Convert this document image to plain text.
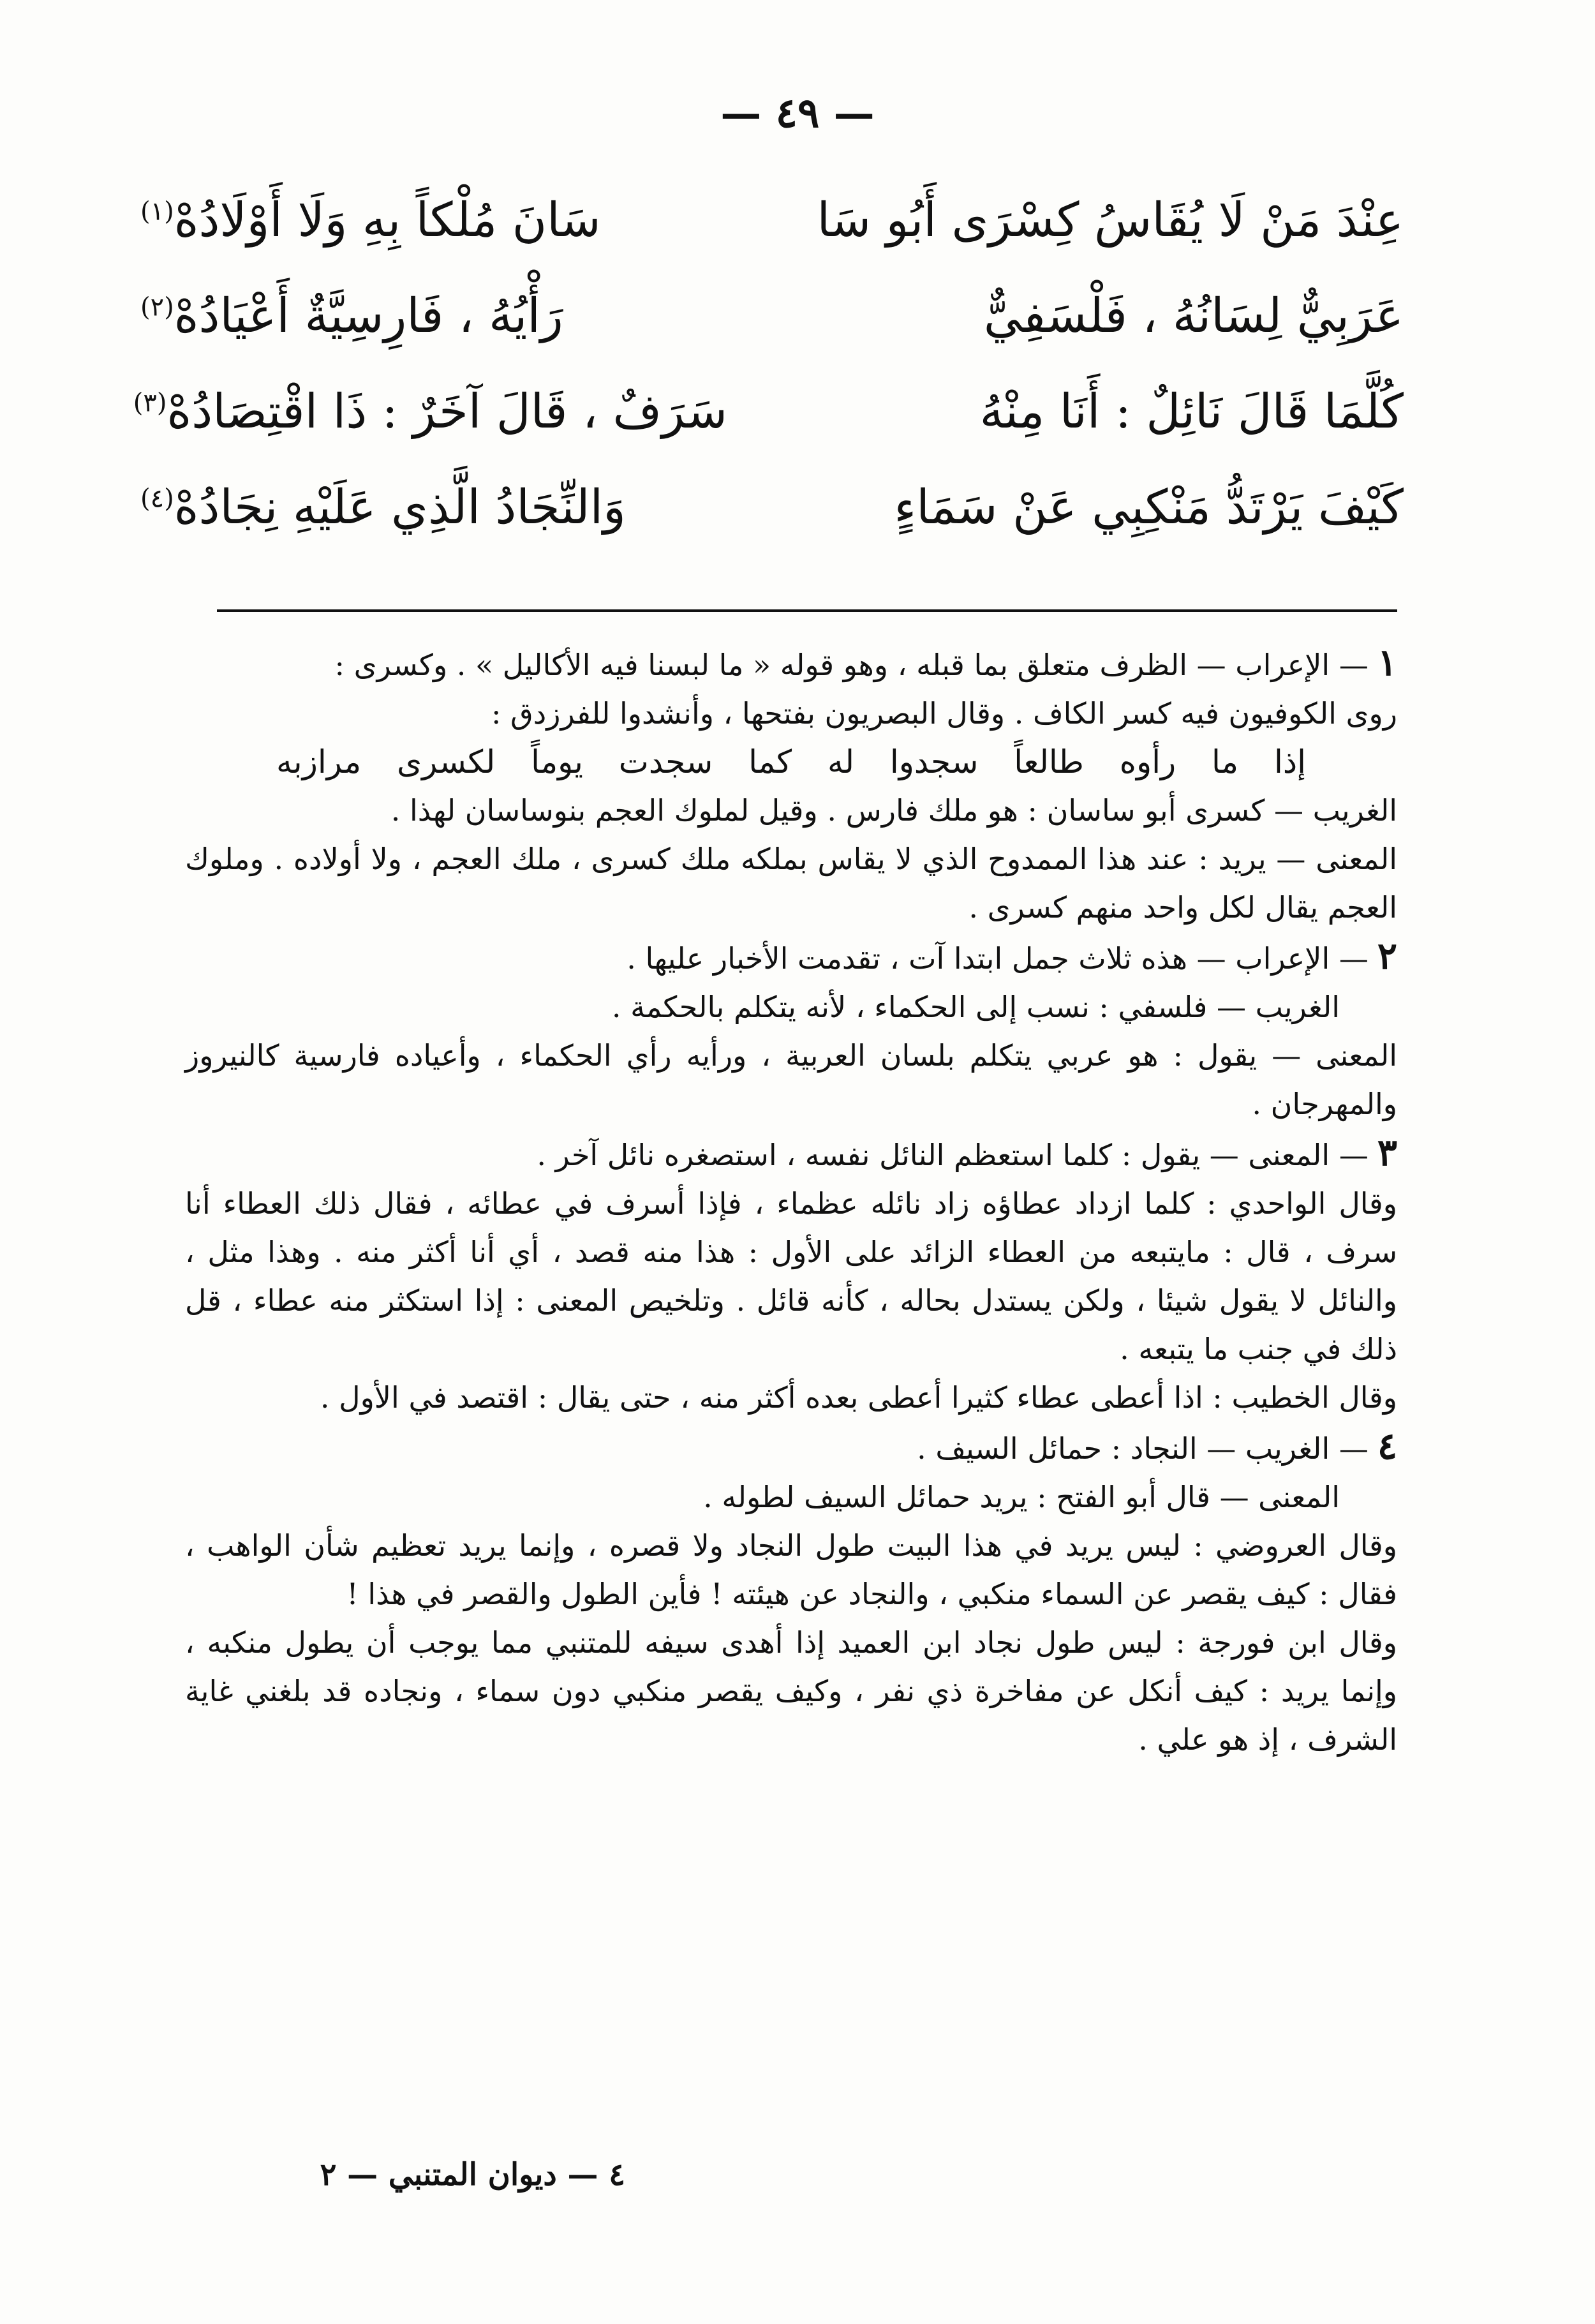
— ٤٩ —
عِنْدَ مَنْ لَا يُقَاسُ كِسْرَى أَبُو سَا
سَانَ مُلْكاً بِهِ وَلَا أَوْلَادُهْ$^{(١)}$
عَرَبِيٌّ لِسَانُهُ ، فَلْسَفِيٌّ
رَأْيُهُ ، فَارِسِيَّةٌ أَعْيَادُهْ$^{(٢)}$
كُلَّمَا قَالَ نَائِلٌ : أَنَا مِنْهُ
سَرَفٌ ، قَالَ آخَرٌ : ذَا اقْتِصَادُهْ$^{(٣)}$
كَيْفَ يَرْتَدُّ مَنْكِبِي عَنْ سَمَاءٍ
وَالنِّجَادُ الَّذِي عَلَيْهِ نِجَادُهْ$^{(٤)}$

١— الإعراب — الظرف متعلق بما قبله ، وهو قوله « ما لبسنا فيه الأكاليل » . وكسرى :

روى الكوفيون فيه كسر الكاف . وقال البصريون بفتحها ، وأنشدوا للفرزدق :

إذا ما رأوه طالعاً سجدوا له كما سجدت يوماً لكسرى مرازبه

الغريب — كسرى أبو ساسان : هو ملك فارس . وقيل لملوك العجم بنوساسان لهذا .

المعنى — يريد : عند هذا الممدوح الذي لا يقاس بملكه ملك كسرى ، ملك العجم ، ولا أولاده . وملوك العجم يقال لكل واحد منهم كسرى .

٢— الإعراب — هذه ثلاث جمل ابتدا آت ، تقدمت الأخبار عليها .

الغريب — فلسفي : نسب إلى الحكماء ، لأنه يتكلم بالحكمة .

المعنى — يقول : هو عربي يتكلم بلسان العربية ، ورأيه رأي الحكماء ، وأعياده فارسية كالنيروز والمهرجان .

٣— المعنى — يقول : كلما استعظم النائل نفسه ، استصغره نائل آخر .

وقال الواحدي : كلما ازداد عطاؤه زاد نائله عظماء ، فإذا أسرف في عطائه ، فقال ذلك العطاء أنا سرف ، قال : مايتبعه من العطاء الزائد على الأول : هذا منه قصد ، أي أنا أكثر منه . وهذا مثل ، والنائل لا يقول شيئا ، ولكن يستدل بحاله ، كأنه قائل . وتلخيص المعنى : إذا استكثر منه عطاء ، قل ذلك في جنب ما يتبعه .

وقال الخطيب : اذا أعطى عطاء كثيرا أعطى بعده أكثر منه ، حتى يقال : اقتصد في الأول .

٤— الغريب — النجاد : حمائل السيف .

المعنى — قال أبو الفتح : يريد حمائل السيف لطوله .

وقال العروضي : ليس يريد في هذا البيت طول النجاد ولا قصره ، وإنما يريد تعظيم شأن الواهب ، فقال : كيف يقصر عن السماء منكبي ، والنجاد عن هيئته ! فأين الطول والقصر في هذا !

وقال ابن فورجة : ليس طول نجاد ابن العميد إذا أهدى سيفه للمتنبي مما يوجب أن يطول منكبه ، وإنما يريد : كيف أنكل عن مفاخرة ذي نفر ، وكيف يقصر منكبي دون سماء ، ونجاده قد بلغني غاية الشرف ، إذ هو علي .

٤ — ديوان المتنبي — ٢
